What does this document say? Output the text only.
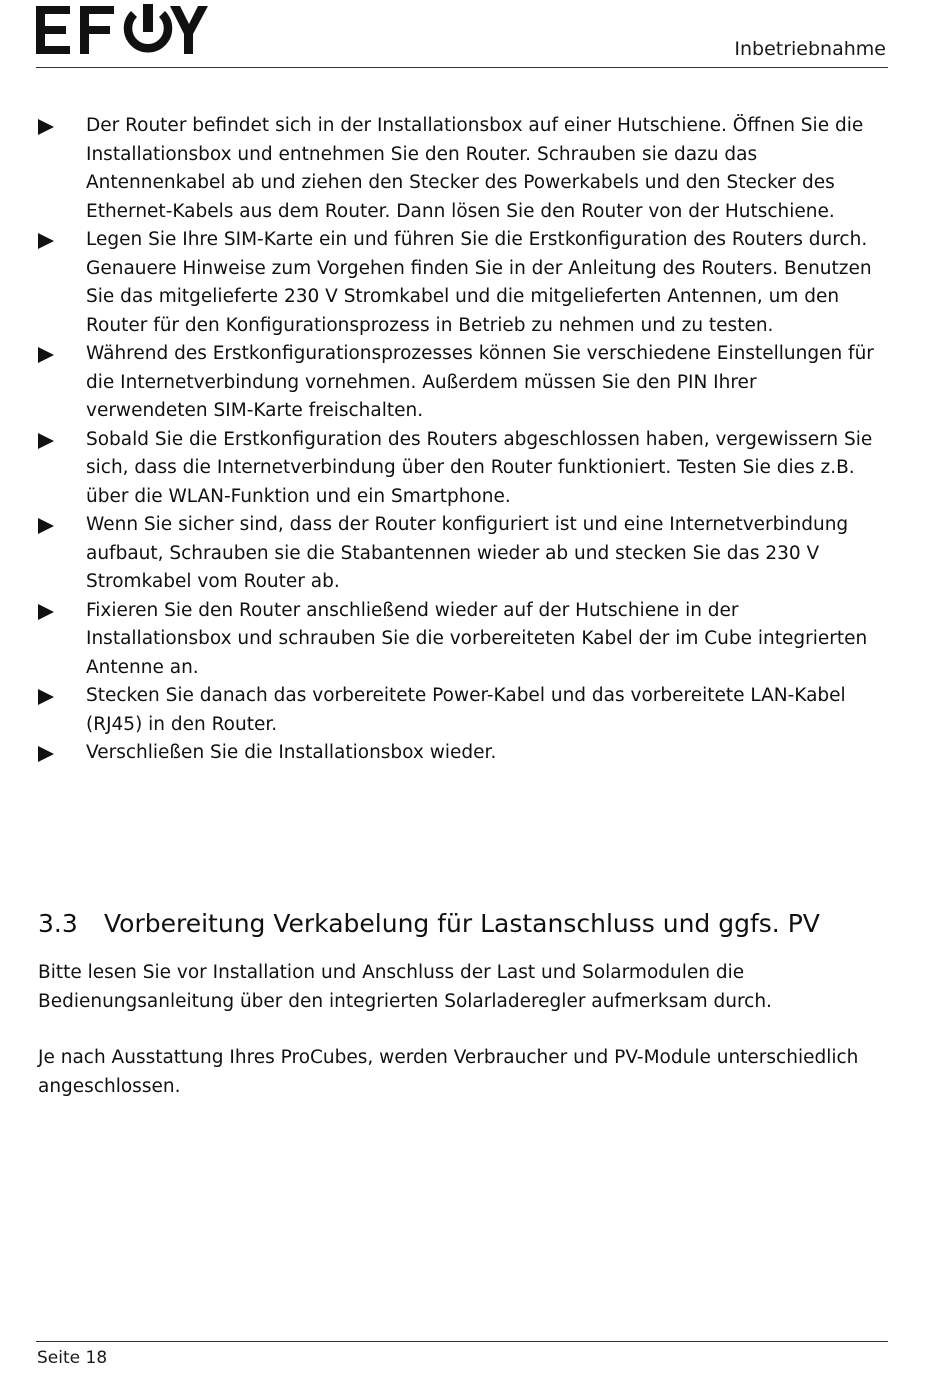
Inbetriebnahme
Der Router befindet sich in der Installationsbox auf einer Hutschiene. Öffnen Sie die Installationsbox und entnehmen Sie den Router. Schrauben sie dazu das Antennenkabel ab und ziehen den Stecker des Powerkabels und den Stecker des Ethernet-Kabels aus dem Router. Dann lösen Sie den Router von der Hutschiene.
Legen Sie Ihre SIM-Karte ein und führen Sie die Erstkonfiguration des Routers durch. Genauere Hinweise zum Vorgehen finden Sie in der Anleitung des Routers. Benutzen Sie das mitgelieferte 230 V Stromkabel und die mitgelieferten Antennen, um den Router für den Konfigurationsprozess in Betrieb zu nehmen und zu testen.
Während des Erstkonfigurationsprozesses können Sie verschiedene Einstellungen für die Internetverbindung vornehmen. Außerdem müssen Sie den PIN Ihrer verwendeten SIM-Karte freischalten.
Sobald Sie die Erstkonfiguration des Routers abgeschlossen haben, vergewissern Sie sich, dass die Internetverbindung über den Router funktioniert. Testen Sie dies z.B. über die WLAN-Funktion und ein Smartphone.
Wenn Sie sicher sind, dass der Router konfiguriert ist und eine Internetverbindung aufbaut, Schrauben sie die Stabantennen wieder ab und stecken Sie das 230 V Stromkabel vom Router ab.
Fixieren Sie den Router anschließend wieder auf der Hutschiene in der Installationsbox und schrauben Sie die vorbereiteten Kabel der im Cube integrierten Antenne an.
Stecken Sie danach das vorbereitete Power-Kabel und das vorbereitete LAN-Kabel (RJ45) in den Router.
Verschließen Sie die Installationsbox wieder.
3.3 Vorbereitung Verkabelung für Lastanschluss und ggfs. PV

Bitte lesen Sie vor Installation und Anschluss der Last und Solarmodulen die Bedienungsanleitung über den integrierten Solarladeregler aufmerksam durch.

Je nach Ausstattung Ihres ProCubes, werden Verbraucher und PV-Module unterschiedlich angeschlossen.

Seite 18
